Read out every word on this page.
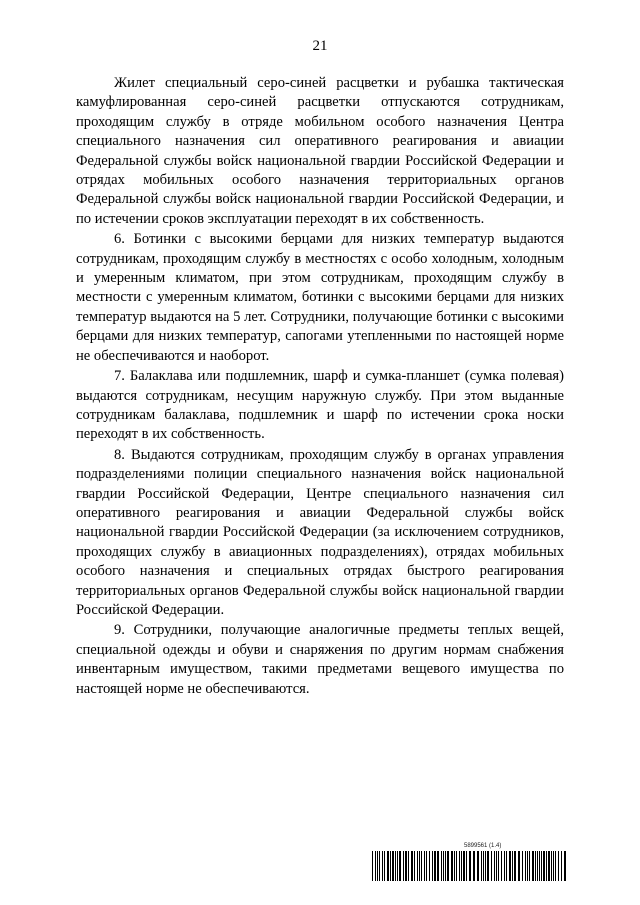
21

Жилет специальный серо-синей расцветки и рубашка тактическая камуфлированная серо-синей расцветки отпускаются сотрудникам, проходящим службу в отряде мобильном особого назначения Центра специального назначения сил оперативного реагирования и авиации Федеральной службы войск национальной гвардии Российской Федерации и отрядах мобильных особого назначения территориальных органов Федеральной службы войск национальной гвардии Российской Федерации, и по истечении сроков эксплуатации переходят в их собственность.

6. Ботинки с высокими берцами для низких температур выдаются сотрудникам, проходящим службу в местностях с особо холодным, холодным и умеренным климатом, при этом сотрудникам, проходящим службу в местности с умеренным климатом, ботинки с высокими берцами для низких температур выдаются на 5 лет. Сотрудники, получающие ботинки с высокими берцами для низких температур, сапогами утепленными по настоящей норме не обеспечиваются и наоборот.

7. Балаклава или подшлемник, шарф и сумка-планшет (сумка полевая) выдаются сотрудникам, несущим наружную службу. При этом выданные сотрудникам балаклава, подшлемник и шарф по истечении срока носки переходят в их собственность.

8. Выдаются сотрудникам, проходящим службу в органах управления подразделениями полиции специального назначения войск национальной гвардии Российской Федерации, Центре специального назначения сил оперативного реагирования и авиации Федеральной службы войск национальной гвардии Российской Федерации (за исключением сотрудников, проходящих службу в авиационных подразделениях), отрядах мобильных особого назначения и специальных отрядах быстрого реагирования территориальных органов Федеральной службы войск национальной гвардии Российской Федерации.

9. Сотрудники, получающие аналогичные предметы теплых вещей, специальной одежды и обуви и снаряжения по другим нормам снабжения инвентарным имуществом, такими предметами вещевого имущества по настоящей норме не обеспечиваются.

5899561 (1.4)
